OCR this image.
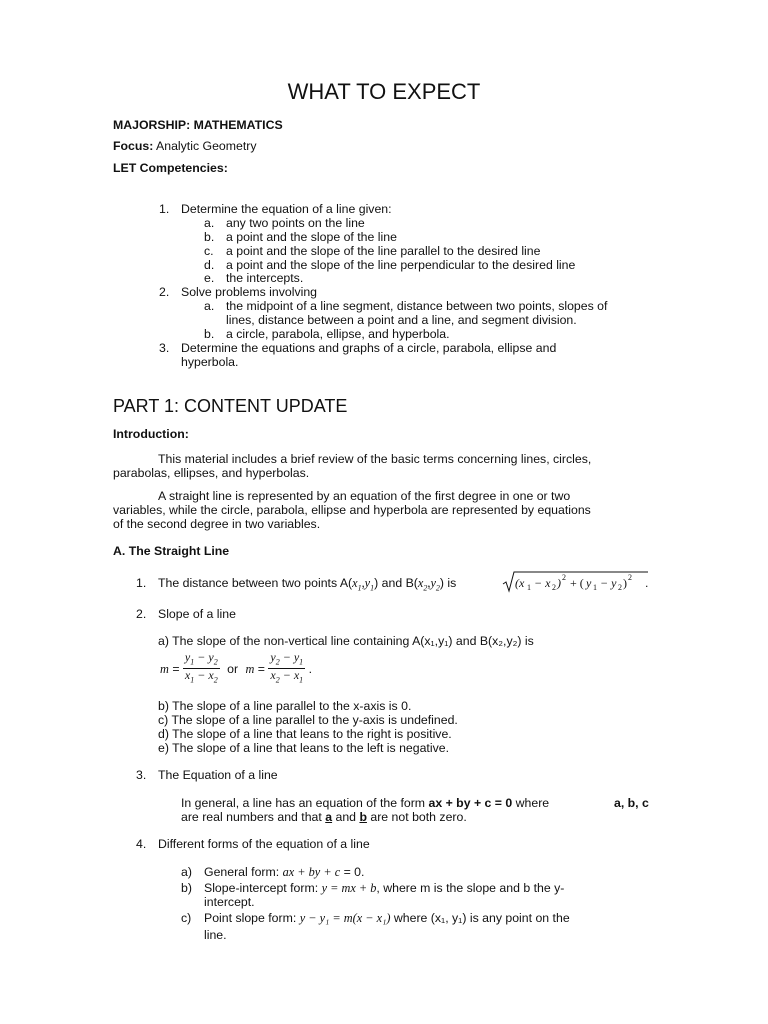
WHAT TO EXPECT
MAJORSHIP: MATHEMATICS
Focus: Analytic Geometry
LET Competencies:
1. Determine the equation of a line given:
a. any two points on the line
b. a point and the slope of the line
c. a point and the slope of the line parallel to the desired line
d. a point and the slope of the line perpendicular to the desired line
e. the intercepts.
2. Solve problems involving
a. the midpoint of a line segment, distance between two points, slopes of
lines, distance between a point and a line, and segment division.
b. a circle, parabola, ellipse, and hyperbola.
3. Determine the equations and graphs of a circle, parabola, ellipse and
hyperbola.
PART 1: CONTENT UPDATE
Introduction:
This material includes a brief review of the basic terms concerning lines, circles,
parabolas, ellipses, and hyperbolas.
A straight line is represented by an equation of the first degree in one or two
variables, while the circle, parabola, ellipse and hyperbola are represented by equations
of the second degree in two variables.
A. The Straight Line
1. The distance between two points $A(x_1,y_1)$ and $B(x_2,y_2)$ is	(x 1 − x 2 ) 2 + ( y 1 − y 2 ) 2 .
2. Slope of a line
a) The slope of the non-vertical line containing A(x₁,y₁) and B(x₂,y₂) is
$m = \frac{y_1 - y_2}{x_1 - x_2}$ or $m = \frac{y_2 - y_1}{x_2 - x_1}$ .
b) The slope of a line parallel to the x-axis is 0.
c) The slope of a line parallel to the y-axis is undefined.
d) The slope of a line that leans to the right is positive.
e) The slope of a line that leans to the left is negative.
3. The Equation of a line
In general, a line has an equation of the form ax + by + c = 0 where	a, b, c
are real numbers and that a and b are not both zero.
4. Different forms of the equation of a line
a) General form: ax + by + c = 0.
b) Slope-intercept form: y = mx + b, where m is the slope and b the y-
intercept.
c) Point slope form: y − y₁ = m(x − x₁) where (x₁, y₁) is any point on the
line.
